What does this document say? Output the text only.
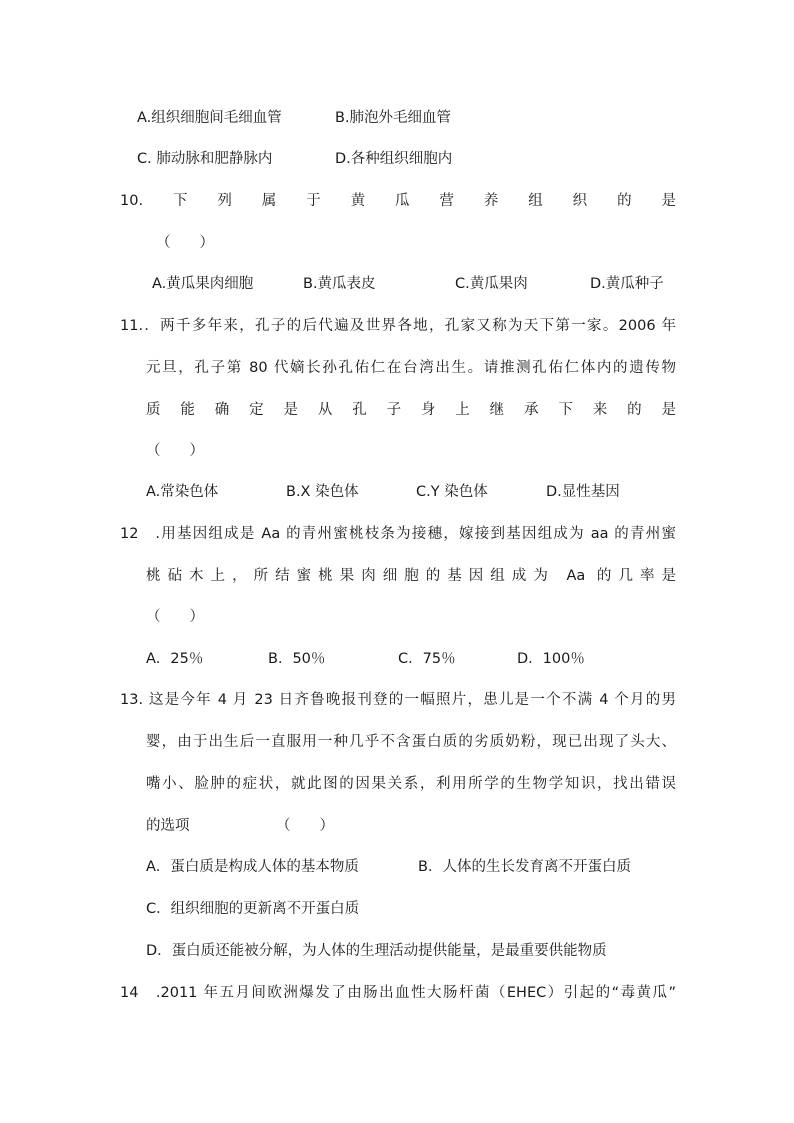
A.组织细胞间毛细血管	B.肺泡外毛细血管
C. 肺动脉和肥静脉内	D.各种组织细胞内
10.　下　列　属　于　黄　瓜　营　养　组　织　的　是
（　　）
A.黄瓜果肉细胞	B.黄瓜表皮	C.黄瓜果肉	D.黄瓜种子
11.．两千多年来，孔子的后代遍及世界各地，孔家又称为天下第一家。2006 年
元旦，孔子第 80 代嫡长孙孔佑仁在台湾出生。请推测孔佑仁体内的遗传物
质能确定是从孔子身上继承下来的是
（　　）
A.常染色体	B.X 染色体	C.Y 染色体	D.显性基因
12　.用基因组成是 Aa 的青州蜜桃枝条为接穗，嫁接到基因组成为 aa 的青州蜜
桃砧木上，所结蜜桃果肉细胞的基因组成为 Aa 的几率是
（　　）
A．25％	B．50％	C．75％	D．100％
13. 这是今年 4 月 23 日齐鲁晚报刊登的一幅照片，患儿是一个不满 4 个月的男
婴，由于出生后一直服用一种几乎不含蛋白质的劣质奶粉，现已出现了头大、
嘴小、脸肿的症状，就此图的因果关系，利用所学的生物学知识，找出错误
的选项	（　　）
A．蛋白质是构成人体的基本物质	B．人体的生长发育离不开蛋白质
C．组织细胞的更新离不开蛋白质
D．蛋白质还能被分解，为人体的生理活动提供能量，是最重要供能物质
14　.2011 年五月间欧洲爆发了由肠出血性大肠杆菌（EHEC）引起的“毒黄瓜”
